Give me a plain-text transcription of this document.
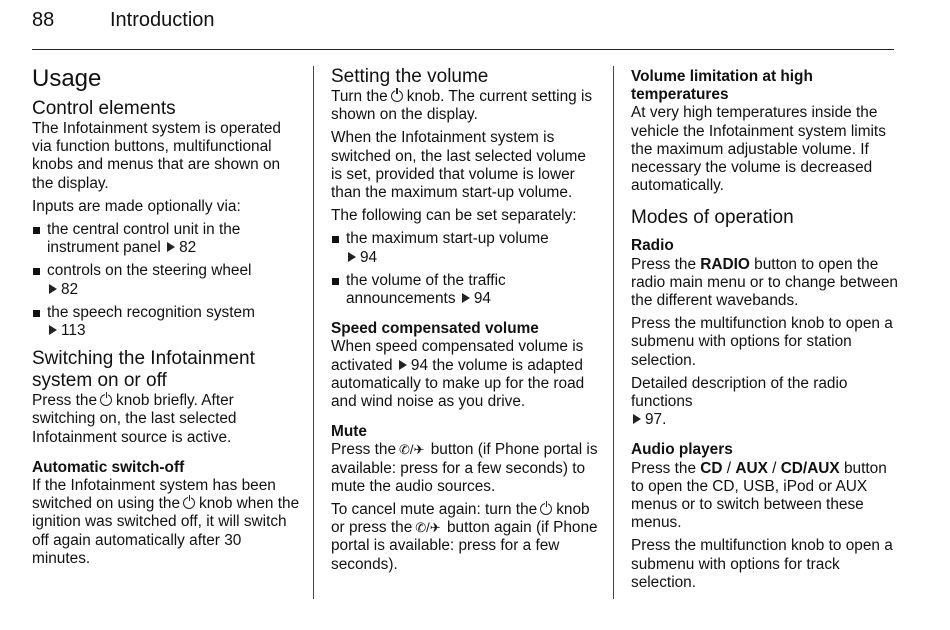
88	Introduction
Usage
Control elements

The Infotainment system is operated via function buttons, multifunctional knobs and menus that are shown on the display.

Inputs are made optionally via:

the central control unit in the instrument panel 82
controls on the steering wheel
82
the speech recognition system
113
Switching the Infotainment system on or off

Press the knob briefly. After switching on, the last selected Infotainment source is active.

Automatic switch-off

If the Infotainment system has been switched on using the knob when the ignition was switched off, it will switch off again automatically after 30 minutes.

Setting the volume

Turn the knob. The current setting is shown on the display.

When the Infotainment system is switched on, the last selected volume is set, provided that volume is lower than the maximum start-up volume.

The following can be set separately:

the maximum start-up volume
94
the volume of the traffic announcements 94
Speed compensated volume

When speed compensated volume is activated 94 the volume is adapted automatically to make up for the road and wind noise as you drive.

Mute

Press the ✆/✈ button (if Phone portal is available: press for a few seconds) to mute the audio sources.

To cancel mute again: turn the knob or press the ✆/✈ button again (if Phone portal is available: press for a few seconds).

Volume limitation at high temperatures

At very high temperatures inside the vehicle the Infotainment system limits the maximum adjustable volume. If necessary the volume is decreased automatically.

Modes of operation
Radio

Press the RADIO button to open the radio main menu or to change between the different wavebands.

Press the multifunction knob to open a submenu with options for station selection.

Detailed description of the radio functions
97.

Audio players

Press the CD / AUX / CD/AUX button to open the CD, USB, iPod or AUX menus or to switch between these menus.

Press the multifunction knob to open a submenu with options for track selection.
